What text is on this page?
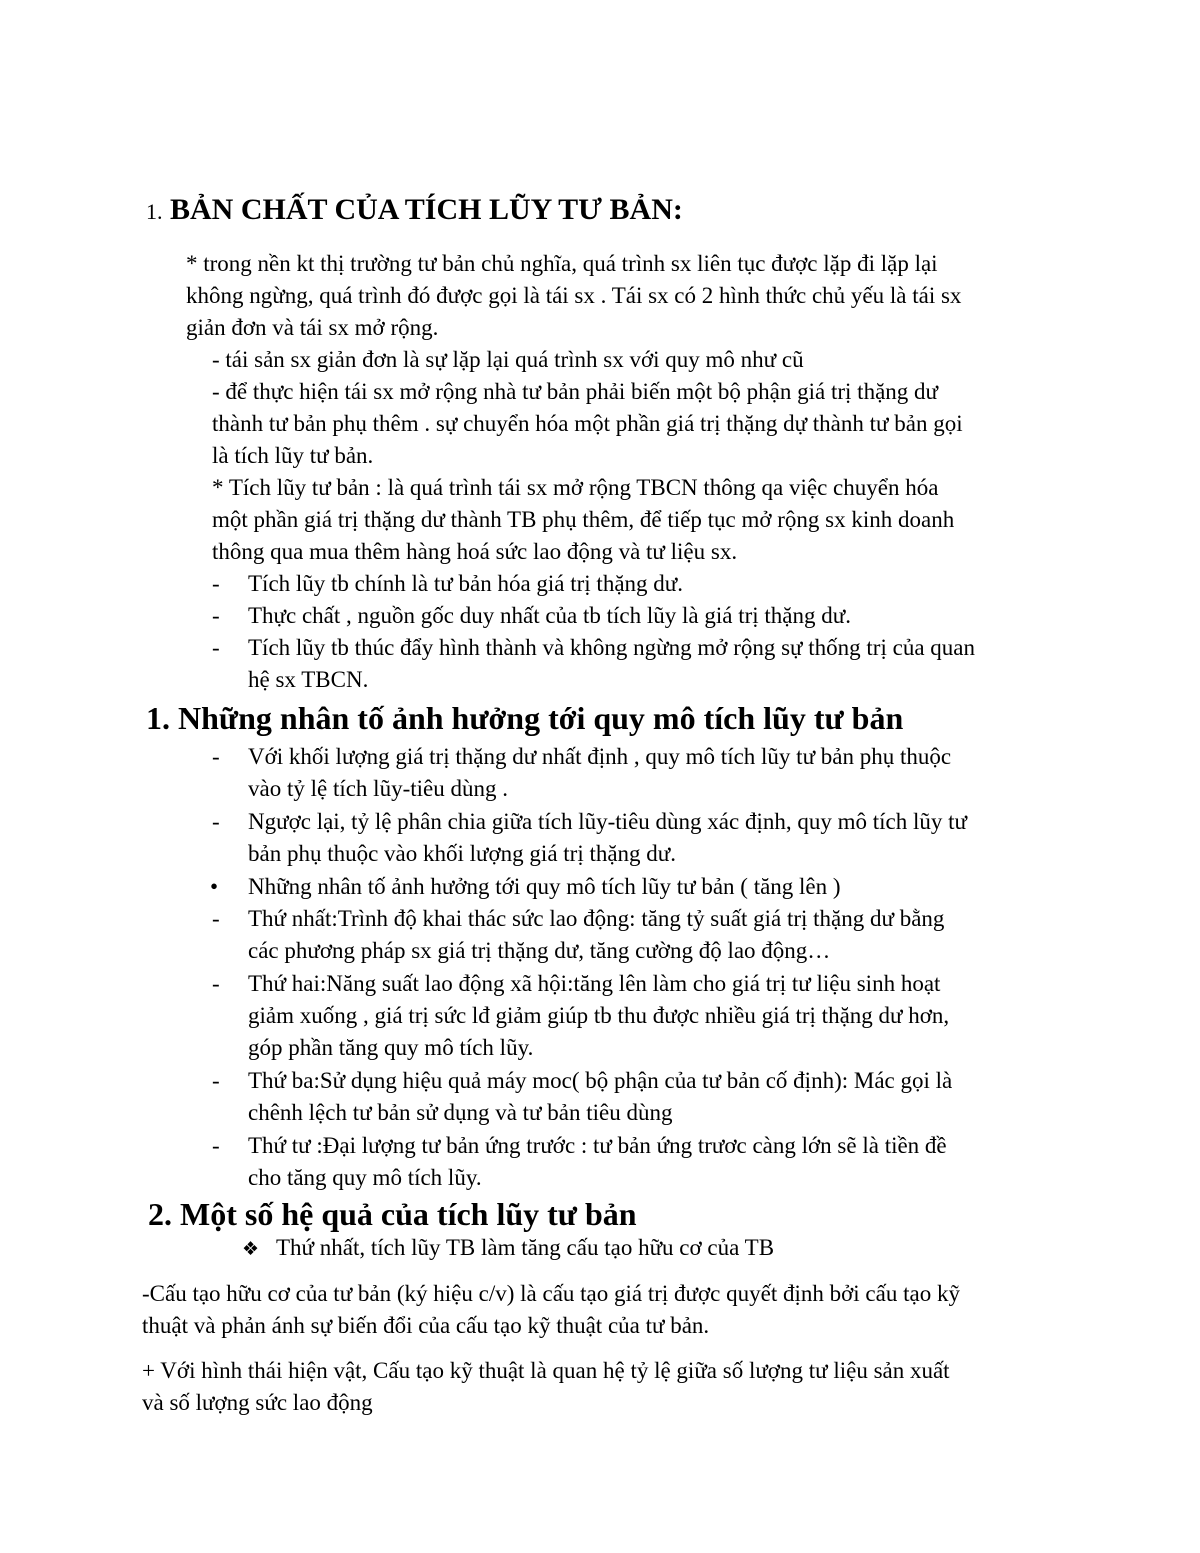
1. BẢN CHẤT CỦA TÍCH LŨY TƯ BẢN:
* trong nền kt thị trường tư bản chủ nghĩa, quá trình sx liên tục được lặp đi lặp lại
không ngừng, quá trình đó được gọi là tái sx . Tái sx có 2 hình thức chủ yếu là tái sx
giản đơn và tái sx mở rộng.
- tái sản sx giản đơn là sự lặp lại quá trình sx với quy mô như cũ
- để thực hiện tái sx mở rộng nhà tư bản phải biến một bộ phận giá trị thặng dư
thành tư bản phụ thêm . sự chuyển hóa một phần giá trị thặng dự thành tư bản gọi
là tích lũy tư bản.
* Tích lũy tư bản : là quá trình tái sx mở rộng TBCN thông qa việc chuyển hóa
một phần giá trị thặng dư thành TB phụ thêm, để tiếp tục mở rộng sx kinh doanh
thông qua mua thêm hàng hoá sức lao động và tư liệu sx.
- Tích lũy tb chính là tư bản hóa giá trị thặng dư.
- Thực chất , nguồn gốc duy nhất của tb tích lũy là giá trị thặng dư.
- Tích lũy tb thúc đẩy hình thành và không ngừng mở rộng sự thống trị của quan
hệ sx TBCN.
1. Những nhân tố ảnh hưởng tới quy mô tích lũy tư bản
- Với khối lượng giá trị thặng dư nhất định , quy mô tích lũy tư bản phụ thuộc
vào tỷ lệ tích lũy-tiêu dùng .
- Ngược lại, tỷ lệ phân chia giữa tích lũy-tiêu dùng xác định, quy mô tích lũy tư
bản phụ thuộc vào khối lượng giá trị thặng dư.
• Những nhân tố ảnh hưởng tới quy mô tích lũy tư bản ( tăng lên )
- Thứ nhất:Trình độ khai thác sức lao động: tăng tỷ suất giá trị thặng dư bằng
các phương pháp sx giá trị thặng dư, tăng cường độ lao động…
- Thứ hai:Năng suất lao động xã hội:tăng lên làm cho giá trị tư liệu sinh hoạt
giảm xuống , giá trị sức lđ giảm giúp tb thu được nhiều giá trị thặng dư hơn,
góp phần tăng quy mô tích lũy.
- Thứ ba:Sử dụng hiệu quả máy moc( bộ phận của tư bản cố định): Mác gọi là
chênh lệch tư bản sử dụng và tư bản tiêu dùng
- Thứ tư :Đại lượng tư bản ứng trước : tư bản ứng trươc càng lớn sẽ là tiền đề
cho tăng quy mô tích lũy.
2. Một số hệ quả của tích lũy tư bản
❖ Thứ nhất, tích lũy TB làm tăng cấu tạo hữu cơ của TB
-Cấu tạo hữu cơ của tư bản (ký hiệu c/v) là cấu tạo giá trị được quyết định bởi cấu tạo kỹ
thuật và phản ánh sự biến đổi của cấu tạo kỹ thuật của tư bản.
+ Với hình thái hiện vật, Cấu tạo kỹ thuật là quan hệ tỷ lệ giữa số lượng tư liệu sản xuất
và số lượng sức lao động
